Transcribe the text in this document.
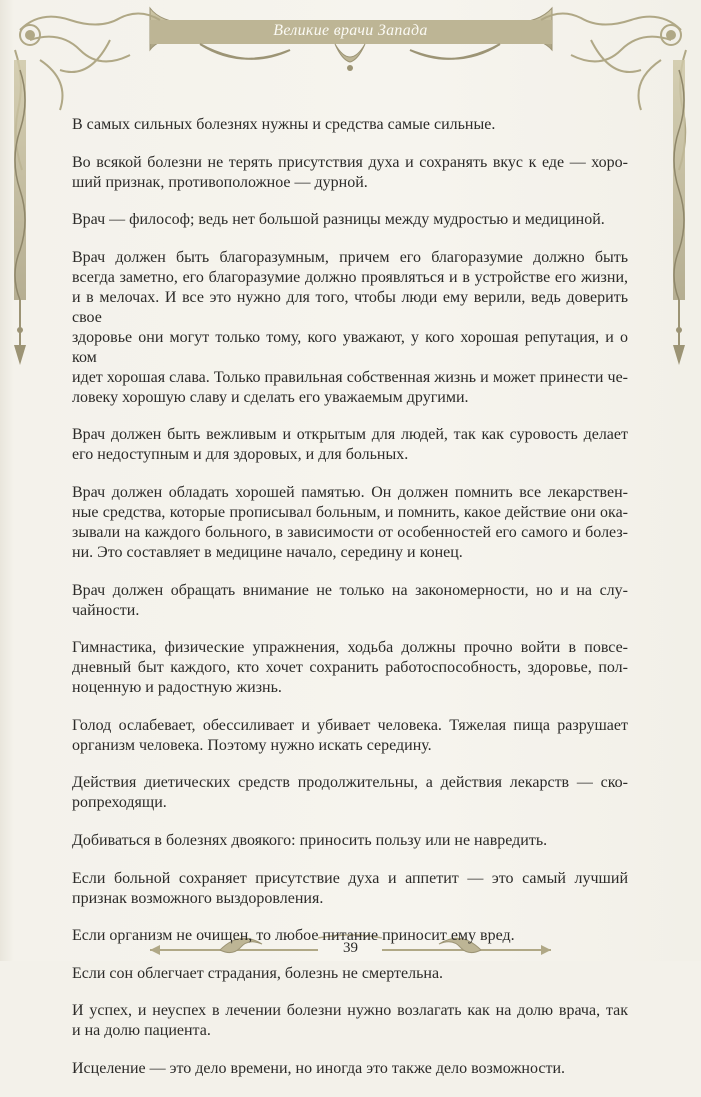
Великие врачи Запада
В самых сильных болезнях нужны и средства самые сильные.
Во всякой болезни не терять присутствия духа и сохранять вкус к еде — хоро-
ший признак, противоположное — дурной.
Врач — философ; ведь нет большой разницы между мудростью и медициной.
Врач должен быть благоразумным, причем его благоразумие должно быть
всегда заметно, его благоразумие должно проявляться и в устройстве его жизни,
и в мелочах. И все это нужно для того, чтобы люди ему верили, ведь доверить свое
здоровье они могут только тому, кого уважают, у кого хорошая репутация, и о ком
идет хорошая слава. Только правильная собственная жизнь и может принести че-
ловеку хорошую славу и сделать его уважаемым другими.
Врач должен быть вежливым и открытым для людей, так как суровость делает
его недоступным и для здоровых, и для больных.
Врач должен обладать хорошей памятью. Он должен помнить все лекарствен-
ные средства, которые прописывал больным, и помнить, какое действие они ока-
зывали на каждого больного, в зависимости от особенностей его самого и болез-
ни. Это составляет в медицине начало, середину и конец.
Врач должен обращать внимание не только на закономерности, но и на слу-
чайности.
Гимнастика, физические упражнения, ходьба должны прочно войти в повсе-
дневный быт каждого, кто хочет сохранить работоспособность, здоровье, пол-
ноценную и радостную жизнь.
Голод ослабевает, обессиливает и убивает человека. Тяжелая пища разрушает
организм человека. Поэтому нужно искать середину.
Действия диетических средств продолжительны, а действия лекарств — ско-
ропреходящи.
Добиваться в болезнях двоякого: приносить пользу или не навредить.
Если больной сохраняет присутствие духа и аппетит — это самый лучший
признак возможного выздоровления.
Если организм не очищен, то любое питание приносит ему вред.
Если сон облегчает страдания, болезнь не смертельна.
И успех, и неуспех в лечении болезни нужно возлагать как на долю врача, так
и на долю пациента.
Исцеление — это дело времени, но иногда это также дело возможности.
39
